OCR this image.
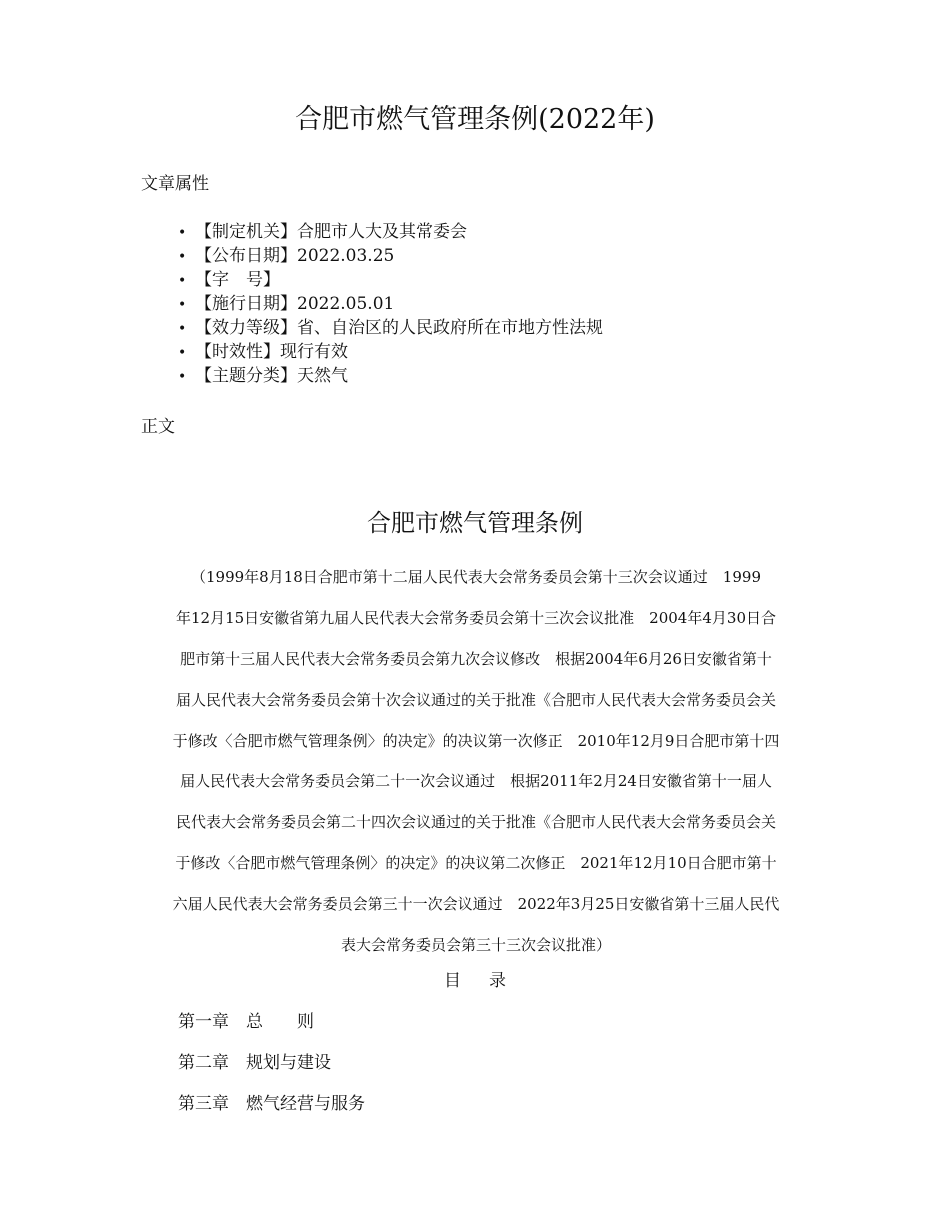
合肥市燃气管理条例(2022年)
文章属性
• 【制定机关】合肥市人大及其常委会
• 【公布日期】2022.03.25
• 【字　号】
• 【施行日期】2022.05.01
• 【效力等级】省、自治区的人民政府所在市地方性法规
• 【时效性】现行有效
• 【主题分类】天然气
正文
合肥市燃气管理条例
（1999年8月18日合肥市第十二届人民代表大会常务委员会第十三次会议通过　1999
年12月15日安徽省第九届人民代表大会常务委员会第十三次会议批准　2004年4月30日合
肥市第十三届人民代表大会常务委员会第九次会议修改　根据2004年6月26日安徽省第十
届人民代表大会常务委员会第十次会议通过的关于批准《合肥市人民代表大会常务委员会关
于修改〈合肥市燃气管理条例〉的决定》的决议第一次修正　2010年12月9日合肥市第十四
届人民代表大会常务委员会第二十一次会议通过　根据2011年2月24日安徽省第十一届人
民代表大会常务委员会第二十四次会议通过的关于批准《合肥市人民代表大会常务委员会关
于修改〈合肥市燃气管理条例〉的决定》的决议第二次修正　2021年12月10日合肥市第十
六届人民代表大会常务委员会第三十一次会议通过　2022年3月25日安徽省第十三届人民代
表大会常务委员会第三十三次会议批准）
目录
第一章　总　　则
第二章　规划与建设
第三章　燃气经营与服务
